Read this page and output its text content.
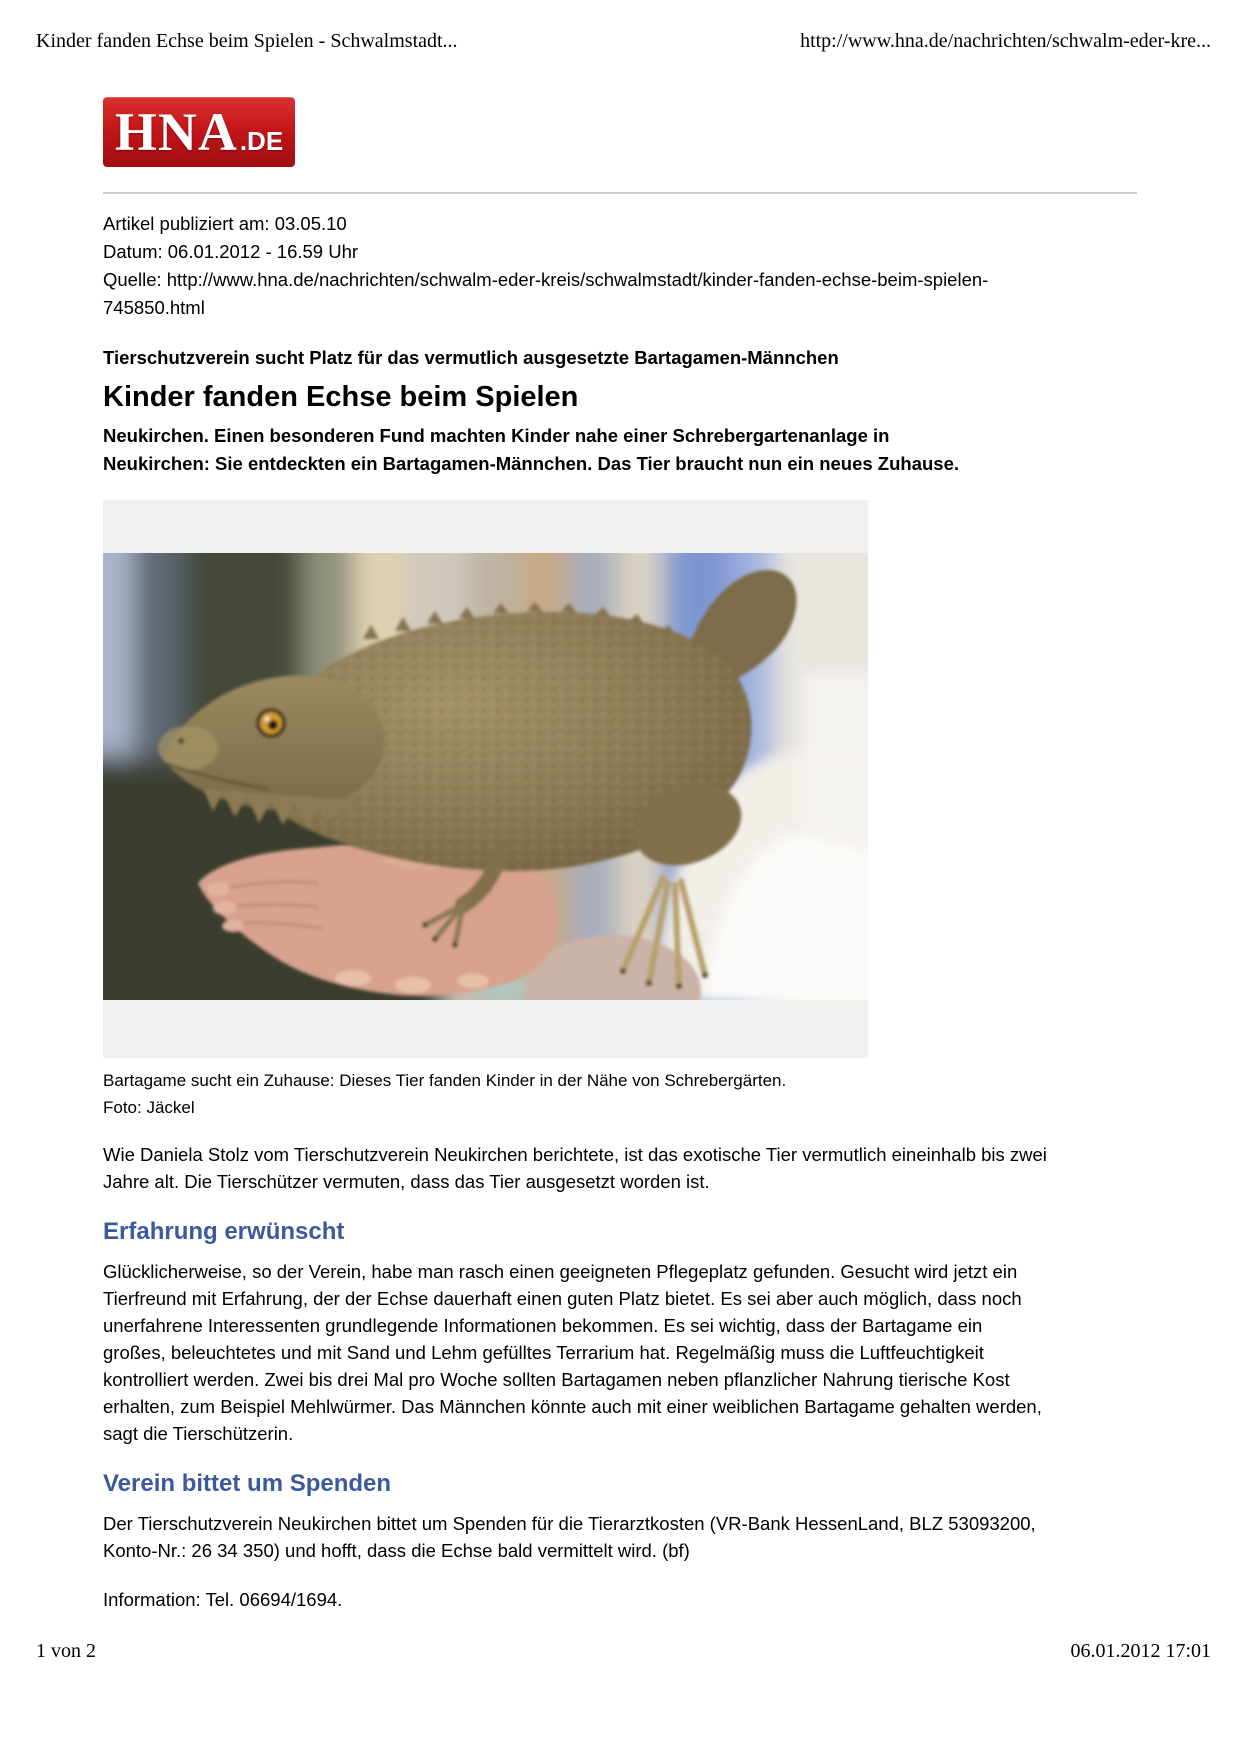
Kinder fanden Echse beim Spielen - Schwalmstadt...	http://www.hna.de/nachrichten/schwalm-eder-kre...
HNA .DE
Artikel publiziert am: 03.05.10
Datum: 06.01.2012 - 16.59 Uhr
Quelle: http://www.hna.de/nachrichten/schwalm-eder-kreis/schwalmstadt/kinder-fanden-echse-beim-spielen-745850.html
Tierschutzverein sucht Platz für das vermutlich ausgesetzte Bartagamen-Männchen
Kinder fanden Echse beim Spielen
Neukirchen. Einen besonderen Fund machten Kinder nahe einer Schrebergartenanlage in Neukirchen: Sie entdeckten ein Bartagamen-Männchen. Das Tier braucht nun ein neues Zuhause.
Bartagame sucht ein Zuhause: Dieses Tier fanden Kinder in der Nähe von Schrebergärten.
Foto: Jäckel

Wie Daniela Stolz vom Tierschutzverein Neukirchen berichtete, ist das exotische Tier vermutlich eineinhalb bis zwei Jahre alt. Die Tierschützer vermuten, dass das Tier ausgesetzt worden ist.

Erfahrung erwünscht

Glücklicherweise, so der Verein, habe man rasch einen geeigneten Pflegeplatz gefunden. Gesucht wird jetzt ein Tierfreund mit Erfahrung, der der Echse dauerhaft einen guten Platz bietet. Es sei aber auch möglich, dass noch unerfahrene Interessenten grundlegende Informationen bekommen. Es sei wichtig, dass der Bartagame ein großes, beleuchtetes und mit Sand und Lehm gefülltes Terrarium hat. Regelmäßig muss die Luftfeuchtigkeit kontrolliert werden. Zwei bis drei Mal pro Woche sollten Bartagamen neben pflanzlicher Nahrung tierische Kost erhalten, zum Beispiel Mehlwürmer. Das Männchen könnte auch mit einer weiblichen Bartagame gehalten werden, sagt die Tierschützerin.

Verein bittet um Spenden

Der Tierschutzverein Neukirchen bittet um Spenden für die Tierarztkosten (VR-Bank HessenLand, BLZ 53093200, Konto-Nr.: 26 34 350) und hofft, dass die Echse bald vermittelt wird. (bf)

Information: Tel. 06694/1694.
1 von 2	06.01.2012 17:01
